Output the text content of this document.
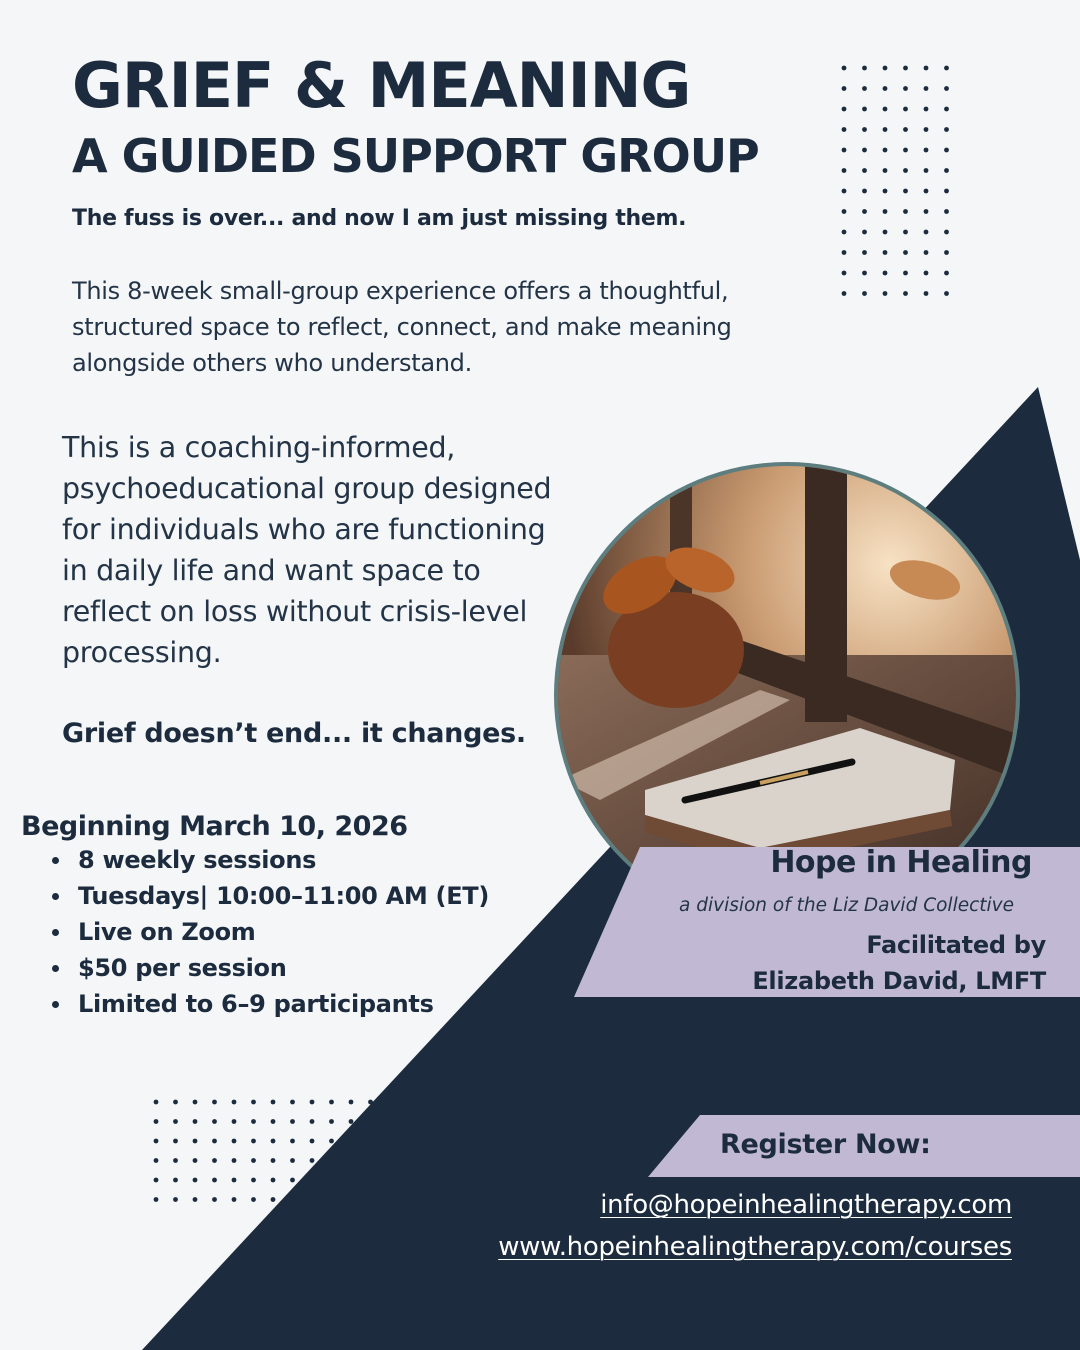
GRIEF & MEANING
A GUIDED SUPPORT GROUP
The fuss is over... and now I am just missing them.
This 8-week small-group experience offers a thoughtful, structured space to reflect, connect, and make meaning alongside others who understand.
This is a coaching-informed, psychoeducational group designed for individuals who are functioning in daily life and want space to reflect on loss without crisis-level processing.
Grief doesn’t end... it changes.
Beginning March 10, 2026
8 weekly sessions
Tuesdays| 10:00–11:00 AM (ET)
Live on Zoom
$50 per session
Limited to 6–9 participants
Hope in Healing
a division of the Liz David Collective
Facilitated by
Elizabeth David, LMFT
Register Now:
info@hopeinhealingtherapy.com
www.hopeinhealingtherapy.com/courses
